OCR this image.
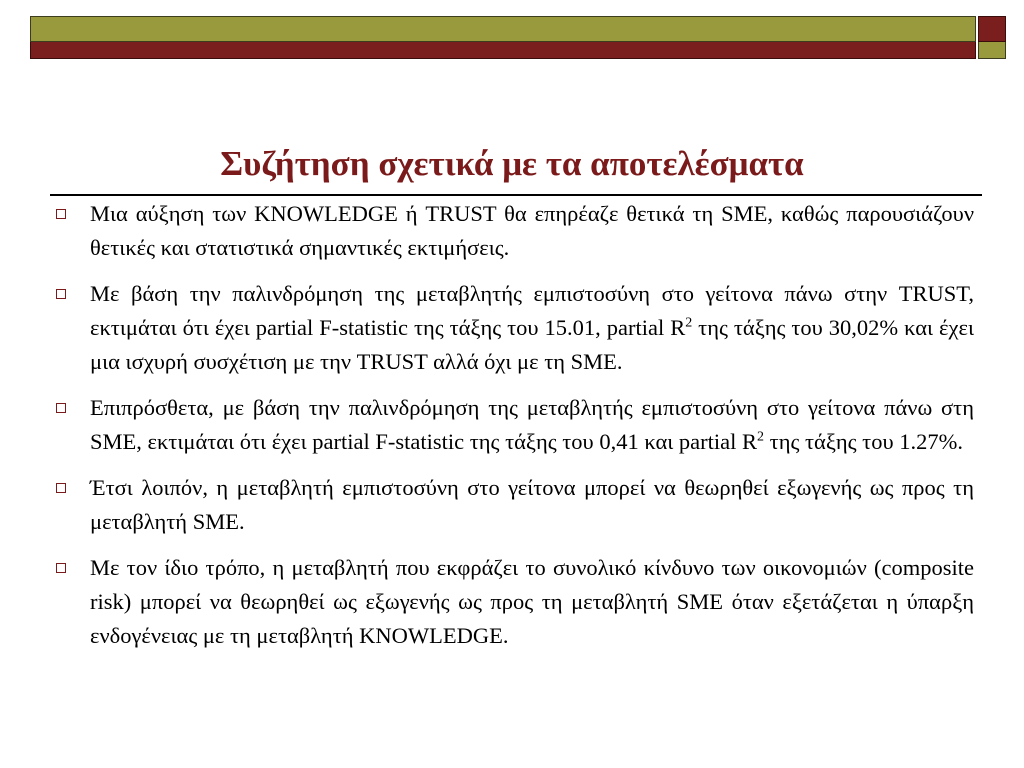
Συζήτηση σχετικά με τα αποτελέσματα
Μια αύξηση των KNOWLEDGE ή TRUST θα επηρέαζε θετικά τη SME, καθώς παρουσιάζουν θετικές και στατιστικά σημαντικές εκτιμήσεις.
Με βάση την παλινδρόμηση της μεταβλητής εμπιστοσύνη στο γείτονα πάνω στην TRUST, εκτιμάται ότι έχει partial F-statistic της τάξης του 15.01, partial $R^2$ της τάξης του 30,02% και έχει μια ισχυρή συσχέτιση με την TRUST αλλά όχι με τη SME.
Επιπρόσθετα, με βάση την παλινδρόμηση της μεταβλητής εμπιστοσύνη στο γείτονα πάνω στη SME, εκτιμάται ότι έχει partial F-statistic της τάξης του 0,41 και partial $R^2$ της τάξης του 1.27%.
Έτσι λοιπόν, η μεταβλητή εμπιστοσύνη στο γείτονα μπορεί να θεωρηθεί εξωγενής ως προς τη μεταβλητή SME.
Με τον ίδιο τρόπο, η μεταβλητή που εκφράζει το συνολικό κίνδυνο των οικονομιών (composite risk) μπορεί να θεωρηθεί ως εξωγενής ως προς τη μεταβλητή SME όταν εξετάζεται η ύπαρξη ενδογένειας με τη μεταβλητή KNOWLEDGE.
